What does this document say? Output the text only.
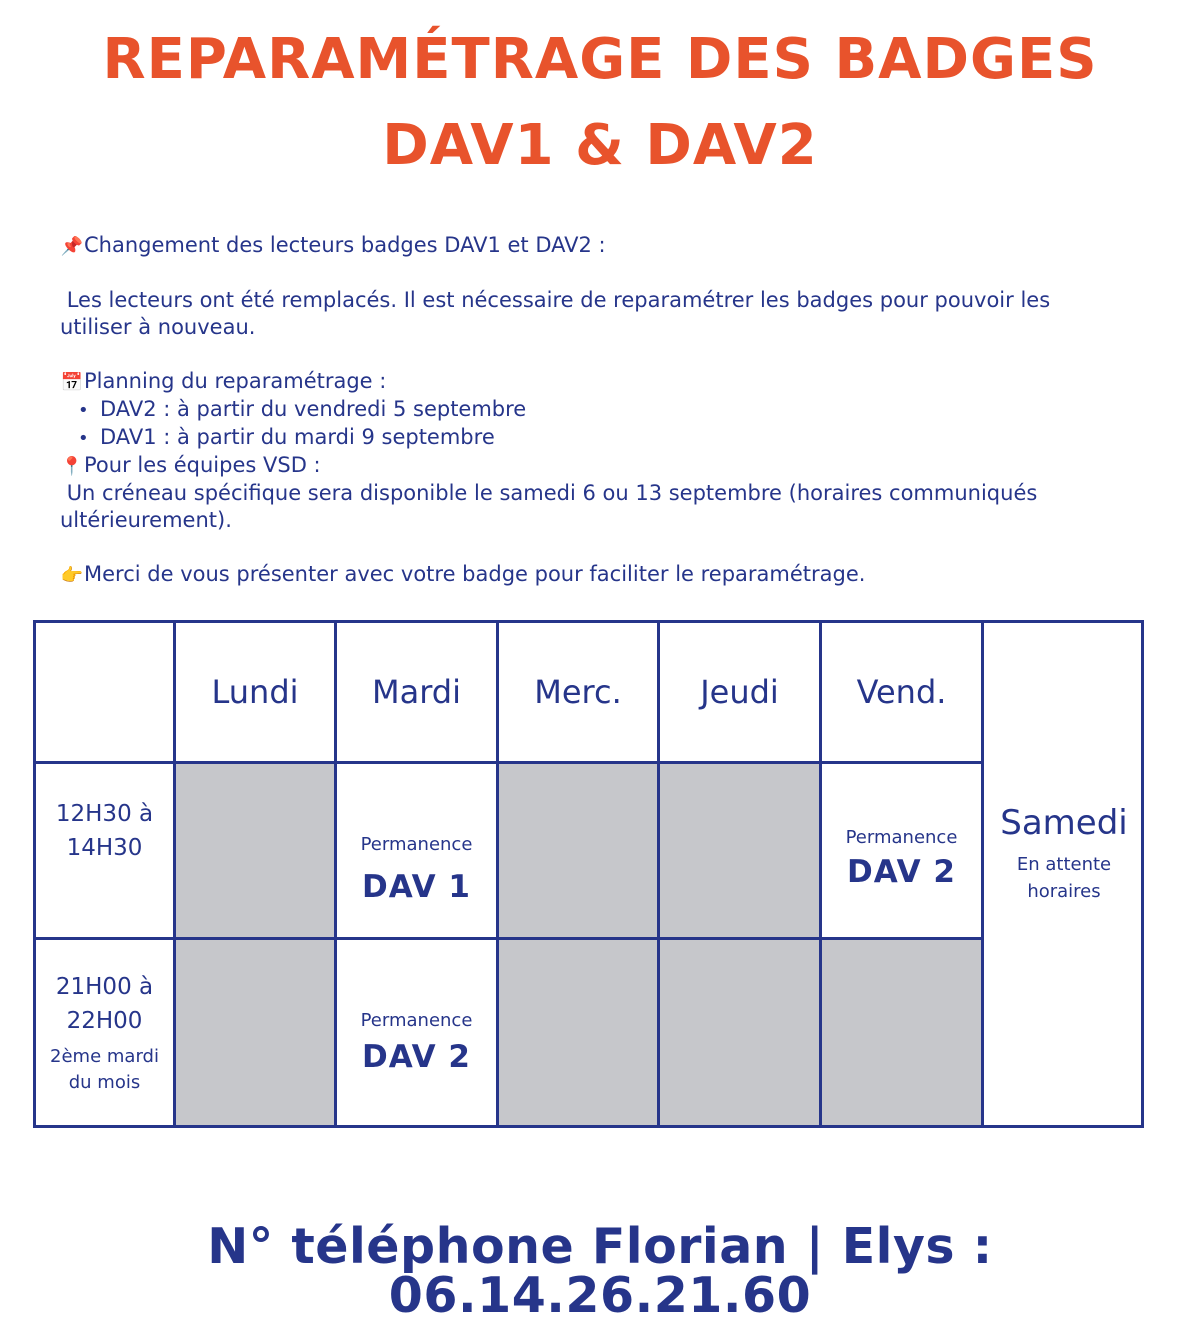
REPARAMÉTRAGE DES BADGES
DAV1 & DAV2
📌Changement des lecteurs badges DAV1 et DAV2 :
Les lecteurs ont été remplacés. Il est nécessaire de reparamétrer les badges pour pouvoir les
utiliser à nouveau.
📅Planning du reparamétrage :
• DAV2 : à partir du vendredi 5 septembre
• DAV1 : à partir du mardi 9 septembre
📍Pour les équipes VSD :
Un créneau spécifique sera disponible le samedi 6 ou 13 septembre (horaires communiqués
ultérieurement).
👉Merci de vous présenter avec votre badge pour faciliter le reparamétrage.
Lundi Mardi Merc. Jeudi Vend.
Samedi
En attente
horaires
12H30 à
14H30	Permanence
DAV 1
Permanence
DAV 2
21H00 à
22H00
2ème mardi
du mois
Permanence
DAV 2
N° téléphone Florian | Elys : 06.14.26.21.60
